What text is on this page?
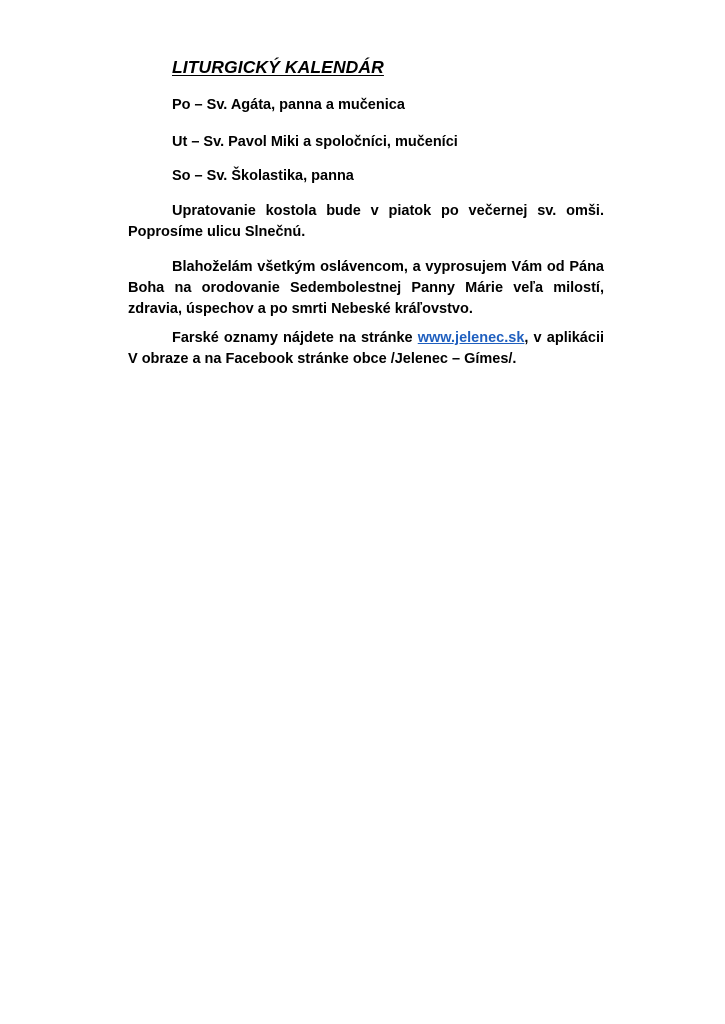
LITURGICKÝ KALENDÁR
Po – Sv. Agáta, panna a mučenica
Ut – Sv. Pavol Miki a spoločníci, mučeníci
So – Sv. Školastika, panna

Upratovanie kostola bude v piatok po večernej sv. omši. Poprosíme ulicu Slnečnú.

Blahoželám všetkým oslávencom, a vyprosujem Vám od Pána Boha na orodovanie Sedembolestnej Panny Márie veľa milostí, zdravia, úspechov a po smrti Nebeské kráľovstvo.

Farské oznamy nájdete na stránke www.jelenec.sk, v aplikácii V obraze a na Facebook stránke obce /Jelenec – Gímes/.
